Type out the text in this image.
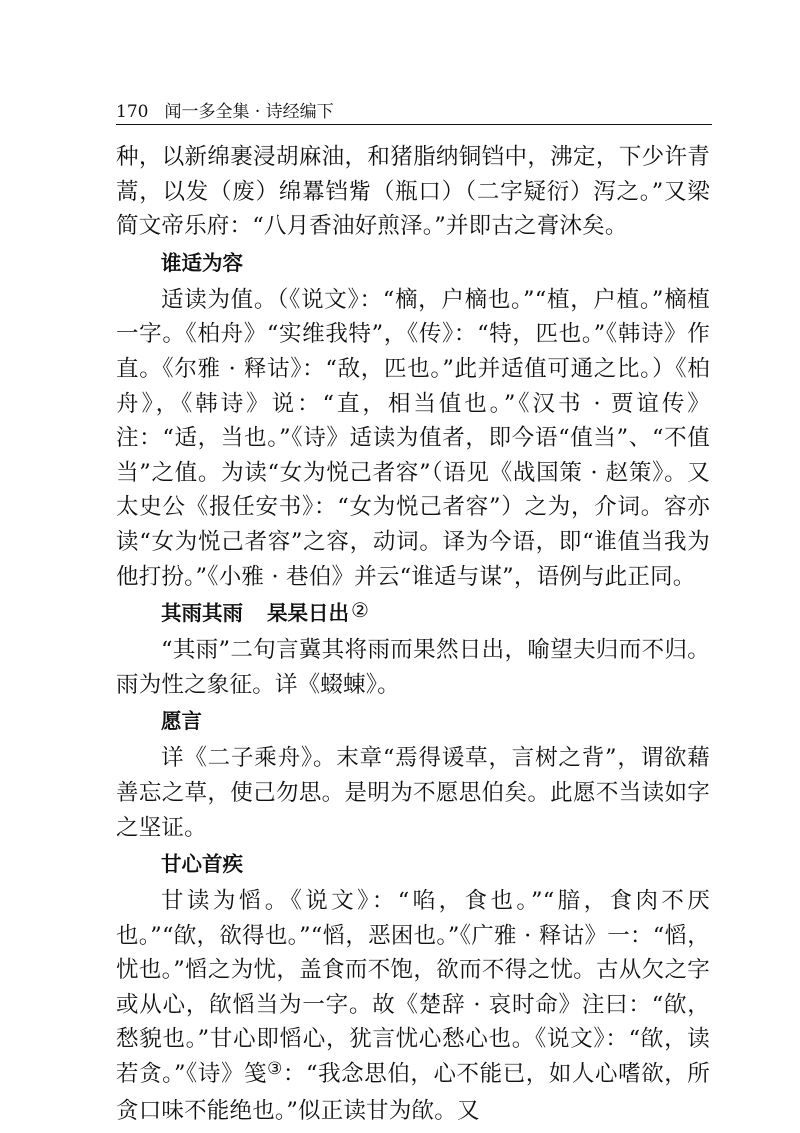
170 闻一多全集 · 诗经编下

种，以新绵裹浸胡麻油，和猪脂纳铜铛中，沸定，下少许青蒿，以发（废）绵羃铛觜（瓶口）（二字疑衍）泻之。”又梁简文帝乐府：“八月香油好煎泽。”并即古之膏沐矣。

谁适为容

适读为值。（《说文》：“樀，户樀也。”“植，户植。”樀植一字。《柏舟》“实维我特”，《传》：“特，匹也。”《韩诗》作直。《尔雅 · 释诂》：“敌，匹也。”此并适值可通之比。）《柏舟》，《韩诗》说：“直，相当值也。”《汉书 · 贾谊传》注：“适，当也。”《诗》适读为值者，即今语“值当”、“不值当”之值。为读“女为悦己者容”（语见《战国策 · 赵策》。又太史公《报任安书》：“女为悦己者容”）之为，介词。容亦读“女为悦己者容”之容，动词。译为今语，即“谁值当我为他打扮。”《小雅 · 巷伯》并云“谁适与谋”，语例与此正同。

其雨其雨 杲杲日出 ②

“其雨”二句言冀其将雨而果然日出，喻望夫归而不归。雨为性之象征。详《蝃蝀》。

愿言

详《二子乘舟》。末章“焉得谖草，言树之背”，谓欲藉善忘之草，使己勿思。是明为不愿思伯矣。此愿不当读如字之坚证。

甘心首疾

甘读为慆。《说文》：“啗，食也。”“腤，食肉不厌也。”“欿，欲得也。”“慆，恶困也。”《广雅 · 释诂》一：“慆，忧也。”慆之为忧，盖食而不饱，欲而不得之忧。古从欠之字或从心，欿慆当为一字。故《楚辞 · 哀时命》注曰：“欿，愁貌也。”甘心即慆心，犹言忧心愁心也。《说文》：“欿，读若贪。”《诗》笺③：“我念思伯，心不能已，如人心嗜欲，所贪口味不能绝也。”似正读甘为欿。又
